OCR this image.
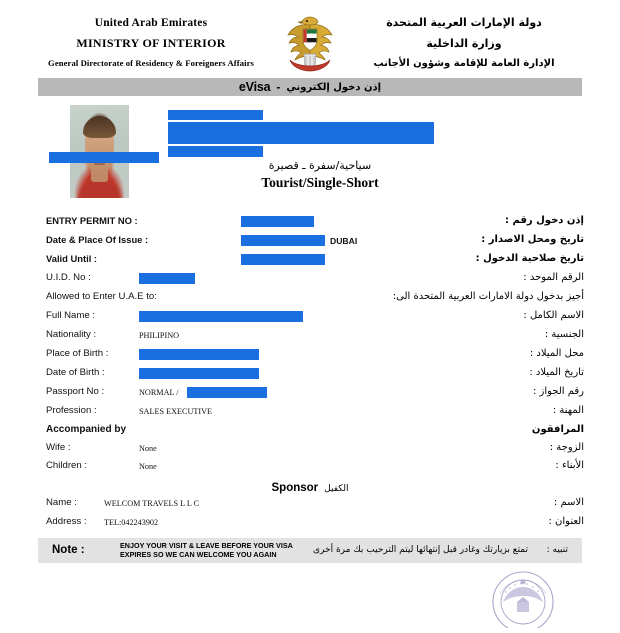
United Arab Emirates
MINISTRY OF INTERIOR
General Directorate of Residency & Foreigners Affairs
دولة الإمارات العربية المتحدة
وزارة الداخلية
الإدارة العامة للإقامة وشؤون الأجانب
eVisa - إذن دخول إلكتروني
سياحية/سفرة ـ قصيرة
Tourist/Single-Short
ENTRY PERMIT NO :	إذن دخول رقم :
Date & Place Of Issue :	DUBAI	تاريخ ومحل الاصدار :
Valid Until :	تاريخ صلاحية الدخول :
U.I.D. No :	الرقم الموحد :
Allowed to Enter U.A.E to:	أجيز بدخول دولة الامارات العربية المتحدة الى:
Full Name :	الاسم الكامل :
Nationality :	PHILIPINO	الجنسية :
Place of Birth :	محل الميلاد :
Date of Birth :	تاريخ الميلاد :
Passport No :	NORMAL /	رقم الجواز :
Profession :	SALES EXECUTIVE	المهنة :
Accompanied by	المرافقون
Wife :	None	الزوجة :
Children :	None	الأبناء :
Sponsor الكفيل
Name :	WELCOM TRAVELS L L C	الاسم :
Address : TEL:042243902	العنوان :
Note :	ENJOY YOUR VISIT & LEAVE BEFORE YOUR VISA
EXPIRES SO WE CAN WELCOME YOU AGAIN	تنبيه :
تمتع بزيارتك وغادر قبل إنتهائها ليتم الترحيب بك مرة أخرى
